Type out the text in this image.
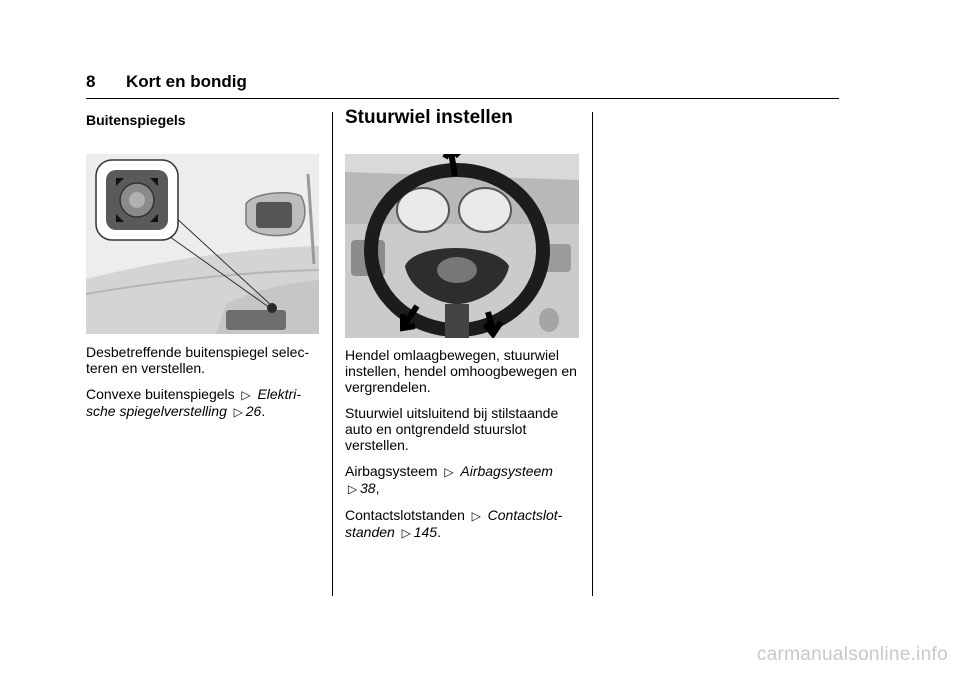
8 Kort en bondig
Buitenspiegels

Desbetreffende buitenspiegel selec-teren en verstellen.

Convexe buitenspiegels ▷ Elektri-sche spiegelverstelling ▷ 26.

Stuurwiel instellen

Hendel omlaagbewegen, stuurwiel instellen, hendel omhoogbewegen en vergrendelen.

Stuurwiel uitsluitend bij stilstaande auto en ontgrendeld stuurslot verstellen.

Airbagsysteem ▷ Airbagsysteem
▷ 38,

Contactslotstanden ▷ Contactslot-standen ▷ 145.

carmanualsonline.info
